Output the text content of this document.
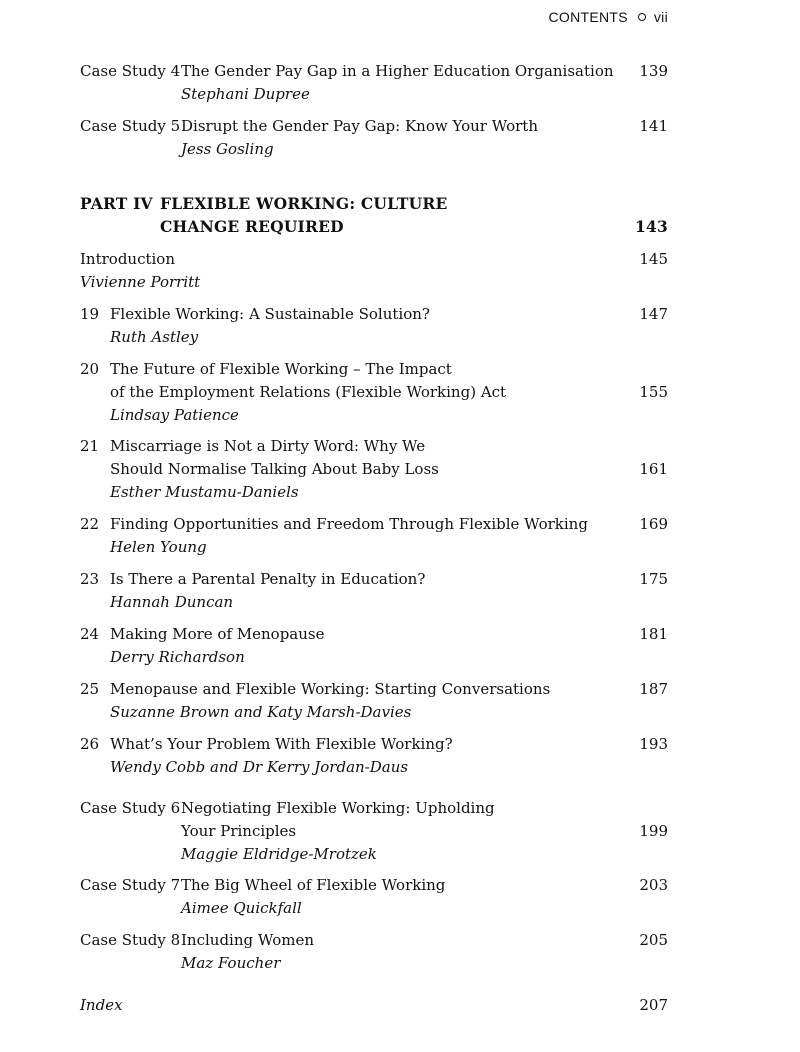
CONTENTS vii
Case Study 4 The Gender Pay Gap in a Higher Education Organisation
Stephani Dupree
139
Case Study 5 Disrupt the Gender Pay Gap: Know Your Worth
Jess Gosling
141
PART IV FLEXIBLE WORKING: CULTURE
CHANGE REQUIRED	143
Introduction
Vivienne Porritt
145
19 Flexible Working: A Sustainable Solution?
Ruth Astley
147
20 The Future of Flexible Working – The Impact
of the Employment Relations (Flexible Working) Act
Lindsay Patience
155
21 Miscarriage is Not a Dirty Word: Why We
Should Normalise Talking About Baby Loss
Esther Mustamu-Daniels
161
22 Finding Opportunities and Freedom Through Flexible Working
Helen Young
169
23 Is There a Parental Penalty in Education?
Hannah Duncan
175
24 Making More of Menopause
Derry Richardson
181
25 Menopause and Flexible Working: Starting Conversations
Suzanne Brown and Katy Marsh-Davies
187
26 What’s Your Problem With Flexible Working?
Wendy Cobb and Dr Kerry Jordan-Daus
193
Case Study 6 Negotiating Flexible Working: Upholding
Your Principles
Maggie Eldridge-Mrotzek
199
Case Study 7 The Big Wheel of Flexible Working
Aimee Quickfall
203
Case Study 8 Including Women
Maz Foucher
205
Index	207
